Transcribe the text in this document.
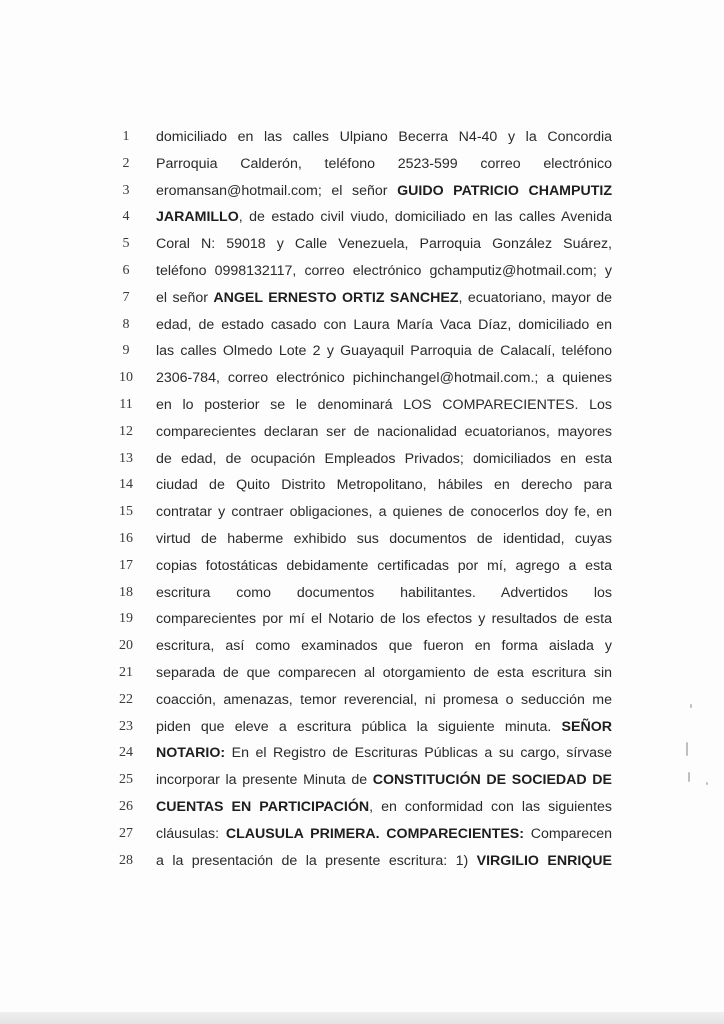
1	domiciliado en las calles Ulpiano Becerra N4-40 y la Concordia
2	Parroquia Calderón, teléfono 2523-599 correo electrónico
3	eromansan@hotmail.com; el señor GUIDO PATRICIO CHAMPUTIZ
4	JARAMILLO, de estado civil viudo, domiciliado en las calles Avenida
5	Coral N: 59018 y Calle Venezuela, Parroquia González Suárez,
6	teléfono 0998132117, correo electrónico gchamputiz@hotmail.com; y
7	el señor ANGEL ERNESTO ORTIZ SANCHEZ, ecuatoriano, mayor de
8	edad, de estado casado con Laura María Vaca Díaz, domiciliado en
9	las calles Olmedo Lote 2 y Guayaquil Parroquia de Calacalí, teléfono
10	2306-784, correo electrónico pichinchangel@hotmail.com.; a quienes
11	en lo posterior se le denominará LOS COMPARECIENTES. Los
12	comparecientes declaran ser de nacionalidad ecuatorianos, mayores
13	de edad, de ocupación Empleados Privados; domiciliados en esta
14	ciudad de Quito Distrito Metropolitano, hábiles en derecho para
15	contratar y contraer obligaciones, a quienes de conocerlos doy fe, en
16	virtud de haberme exhibido sus documentos de identidad, cuyas
17	copias fotostáticas debidamente certificadas por mí, agrego a esta
18	escritura como documentos habilitantes. Advertidos los
19	comparecientes por mí el Notario de los efectos y resultados de esta
20	escritura, así como examinados que fueron en forma aislada y
21	separada de que comparecen al otorgamiento de esta escritura sin
22	coacción, amenazas, temor reverencial, ni promesa o seducción me
23	piden que eleve a escritura pública la siguiente minuta. SEÑOR
24	NOTARIO: En el Registro de Escrituras Públicas a su cargo, sírvase
25	incorporar la presente Minuta de CONSTITUCIÓN DE SOCIEDAD DE
26	CUENTAS EN PARTICIPACIÓN, en conformidad con las siguientes
27	cláusulas: CLAUSULA PRIMERA. COMPARECIENTES: Comparecen
28	a la presentación de la presente escritura: 1) VIRGILIO ENRIQUE
